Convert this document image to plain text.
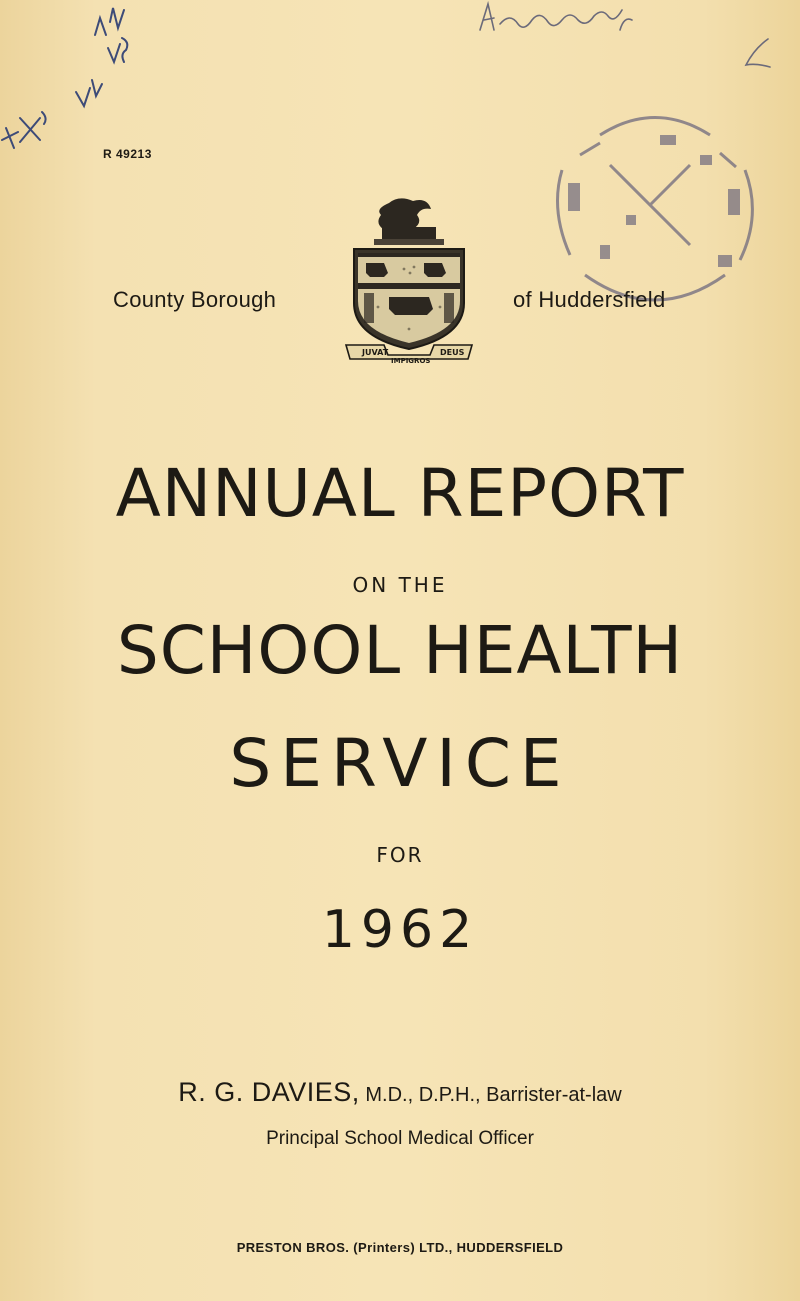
R 49213
County Borough
JUVAT
IMPIGROS
DEUS
of Huddersfield
ANNUAL REPORT
ON THE
SCHOOL HEALTH
SERVICE
FOR
1962
R. G. DAVIES, M.D., D.P.H., Barrister-at-law
Principal School Medical Officer
PRESTON BROS. (Printers) LTD., HUDDERSFIELD
